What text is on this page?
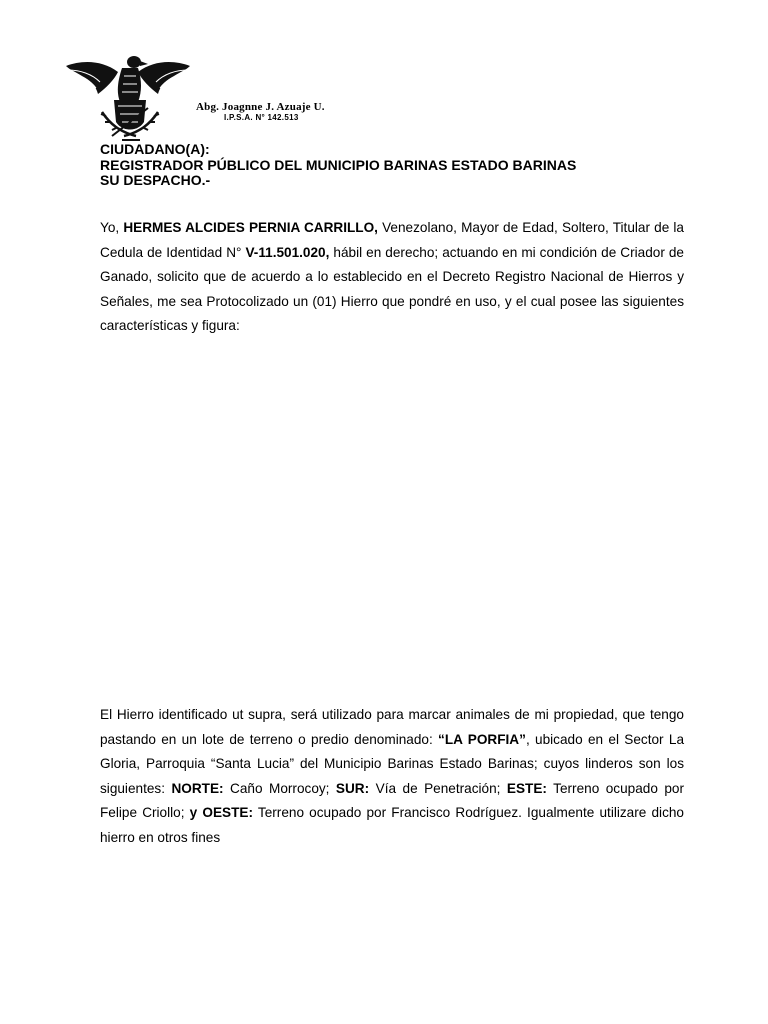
Abg. Joagnne J. Azuaje U.
I.P.S.A. N° 142.513
CIUDADANO(A):
REGISTRADOR PÚBLICO DEL MUNICIPIO BARINAS ESTADO BARINAS
SU DESPACHO.-
Yo, HERMES ALCIDES PERNIA CARRILLO, Venezolano, Mayor de Edad, Soltero, Titular de la Cedula de Identidad N° V-11.501.020, hábil en derecho; actuando en mi condición de Criador de Ganado, solicito que de acuerdo a lo establecido en el Decreto Registro Nacional de Hierros y Señales, me sea Protocolizado un (01) Hierro que pondré en uso, y el cual posee las siguientes características y figura:
El Hierro identificado ut supra, será utilizado para marcar animales de mi propiedad, que tengo pastando en un lote de terreno o predio denominado: “LA PORFIA”, ubicado en el Sector La Gloria, Parroquia “Santa Lucia” del Municipio Barinas Estado Barinas; cuyos linderos son los siguientes: NORTE: Caño Morrocoy; SUR: Vía de Penetración; ESTE: Terreno ocupado por Felipe Criollo; y OESTE: Terreno ocupado por Francisco Rodríguez. Igualmente utilizare dicho hierro en otros fines
